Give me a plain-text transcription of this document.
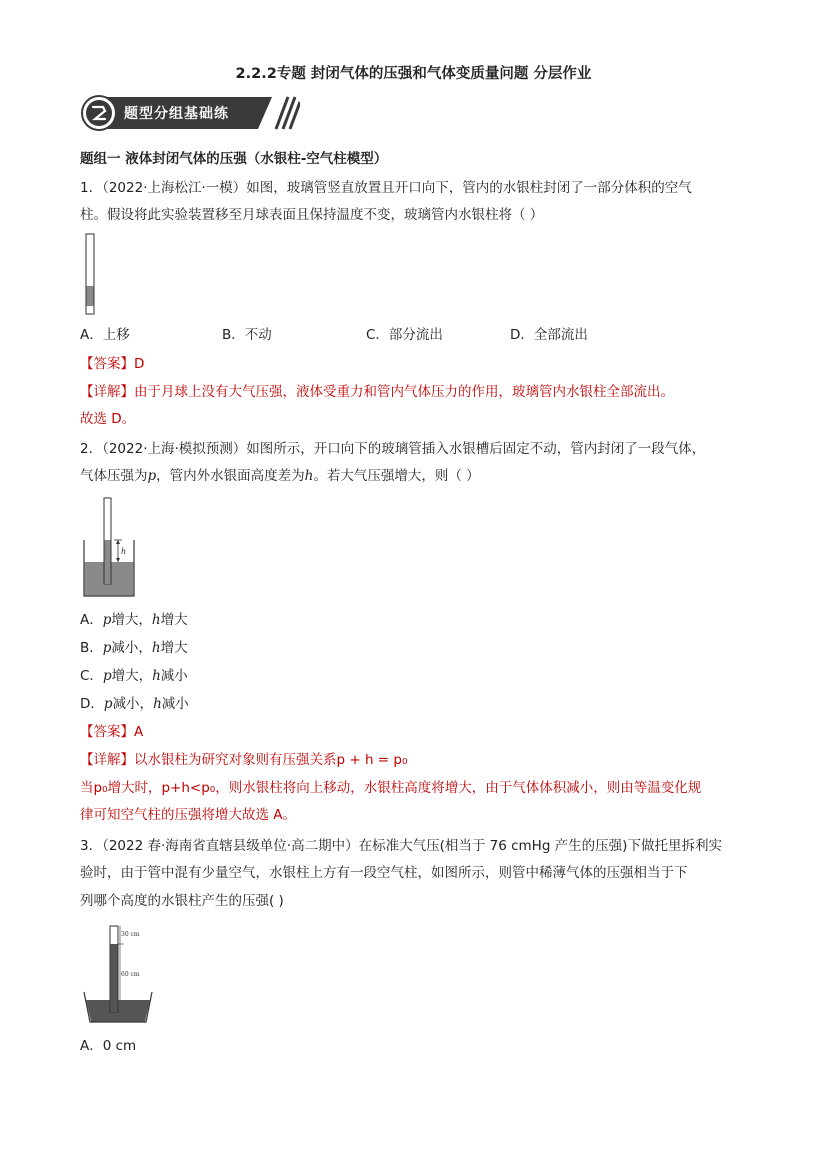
2.2.2专题 封闭气体的压强和气体变质量问题 分层作业
题型分组基础练
题组一 液体封闭气体的压强（水银柱-空气柱模型）
1．（2022·上海松江·一模）如图，玻璃管竖直放置且开口向下，管内的水银柱封闭了一部分体积的空气
柱。假设将此实验装置移至月球表面且保持温度不变，玻璃管内水银柱将（ ）
A．上移	B．不动	C．部分流出	D．全部流出
【答案】D
【详解】由于月球上没有大气压强，液体受重力和管内气体压力的作用，玻璃管内水银柱全部流出。
故选 D。
2．（2022·上海·模拟预测）如图所示，开口向下的玻璃管插入水银槽后固定不动，管内封闭了一段气体，
气体压强为p，管内外水银面高度差为h。若大气压强增大，则（ ）
h
A．p增大，h增大
B．p减小，h增大
C．p增大，h减小
D．p减小，h减小
【答案】A
【详解】以水银柱为研究对象则有压强关系p + h = p₀
当p₀增大时，p+h<p₀，则水银柱将向上移动，水银柱高度将增大，由于气体体积减小，则由等温变化规
律可知空气柱的压强将增大故选 A。
3．（2022 春·海南省直辖县级单位·高二期中）在标准大气压(相当于 76 cmHg 产生的压强)下做托里拆利实
验时，由于管中混有少量空气，水银柱上方有一段空气柱，如图所示，则管中稀薄气体的压强相当于下
列哪个高度的水银柱产生的压强( )
30 cm
60 cm
A．0 cm
